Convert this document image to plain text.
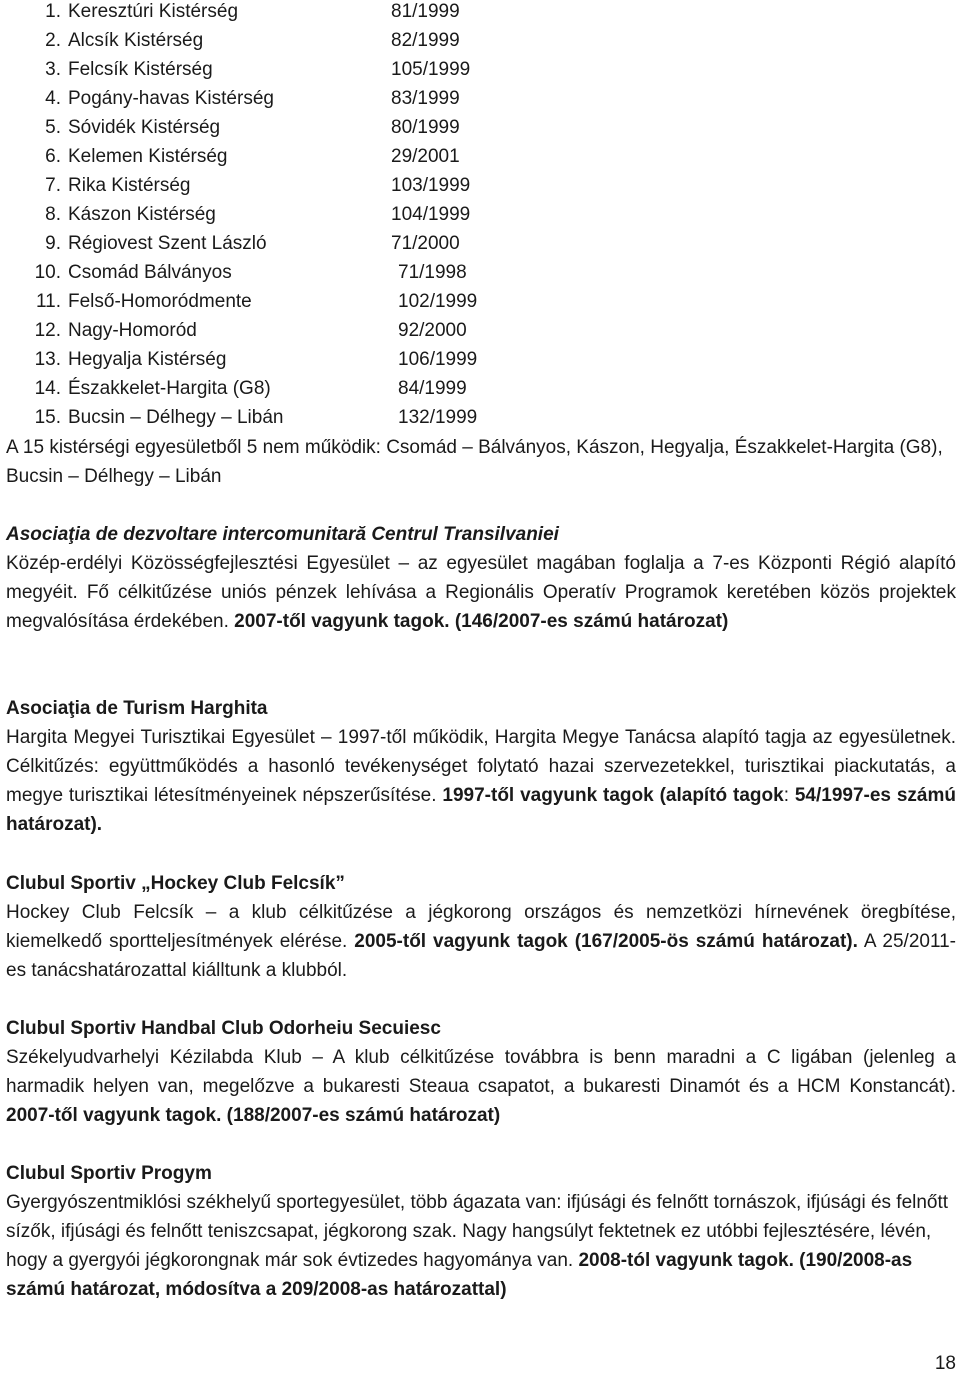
1. Keresztúri Kistérség	81/1999
2. Alcsík Kistérség	82/1999
3. Felcsík Kistérség	105/1999
4. Pogány-havas Kistérség	83/1999
5. Sóvidék Kistérség	80/1999
6. Kelemen Kistérség	29/2001
7. Rika Kistérség	103/1999
8. Kászon Kistérség	104/1999
9. Régiovest Szent László	71/2000
10. Csomád Bálványos	71/1998
11. Felső-Homoródmente	102/1999
12. Nagy-Homoród	92/2000
13. Hegyalja Kistérség	106/1999
14. Északkelet-Hargita (G8)	84/1999
15. Bucsin – Délhegy – Libán	132/1999

A 15 kistérségi egyesületből 5 nem működik: Csomád – Bálványos, Kászon, Hegyalja, Északkelet-Hargita (G8), Bucsin – Délhegy – Libán

Asociaţia de dezvoltare intercomunitară Centrul Transilvaniei

Közép-erdélyi Közösségfejlesztési Egyesület – az egyesület magában foglalja a 7-es Központi Régió alapító megyéit. Fő célkitűzése uniós pénzek lehívása a Regionális Operatív Programok keretében közös projektek megvalósítása érdekében. 2007-től vagyunk tagok. (146/2007-es számú határozat)

Asociaţia de Turism Harghita

Hargita Megyei Turisztikai Egyesület – 1997-től működik, Hargita Megye Tanácsa alapító tagja az egyesületnek. Célkitűzés: együttműködés a hasonló tevékenységet folytató hazai szervezetekkel, turisztikai piackutatás, a megye turisztikai létesítményeinek népszerűsítése. 1997-től vagyunk tagok (alapító tagok: 54/1997-es számú határozat).

Clubul Sportiv „Hockey Club Felcsík”

Hockey Club Felcsík – a klub célkitűzése a jégkorong országos és nemzetközi hírnevének öregbítése, kiemelkedő sportteljesítmények elérése. 2005-től vagyunk tagok (167/2005-ös számú határozat). A 25/2011-es tanácshatározattal kiálltunk a klubból.

Clubul Sportiv Handbal Club Odorheiu Secuiesc

Székelyudvarhelyi Kézilabda Klub – A klub célkitűzése továbbra is benn maradni a C ligában (jelenleg a harmadik helyen van, megelőzve a bukaresti Steaua csapatot, a bukaresti Dinamót és a HCM Konstancát). 2007-től vagyunk tagok. (188/2007-es számú határozat)

Clubul Sportiv Progym

Gyergyószentmiklósi székhelyű sportegyesület, több ágazata van: ifjúsági és felnőtt tornászok, ifjúsági és felnőtt sízők, ifjúsági és felnőtt teniszcsapat, jégkorong szak. Nagy hangsúlyt fektetnek ez utóbbi fejlesztésére, lévén, hogy a gyergyói jégkorongnak már sok évtizedes hagyománya van. 2008-tól vagyunk tagok. (190/2008-as számú határozat, módosítva a 209/2008-as határozattal)

18
